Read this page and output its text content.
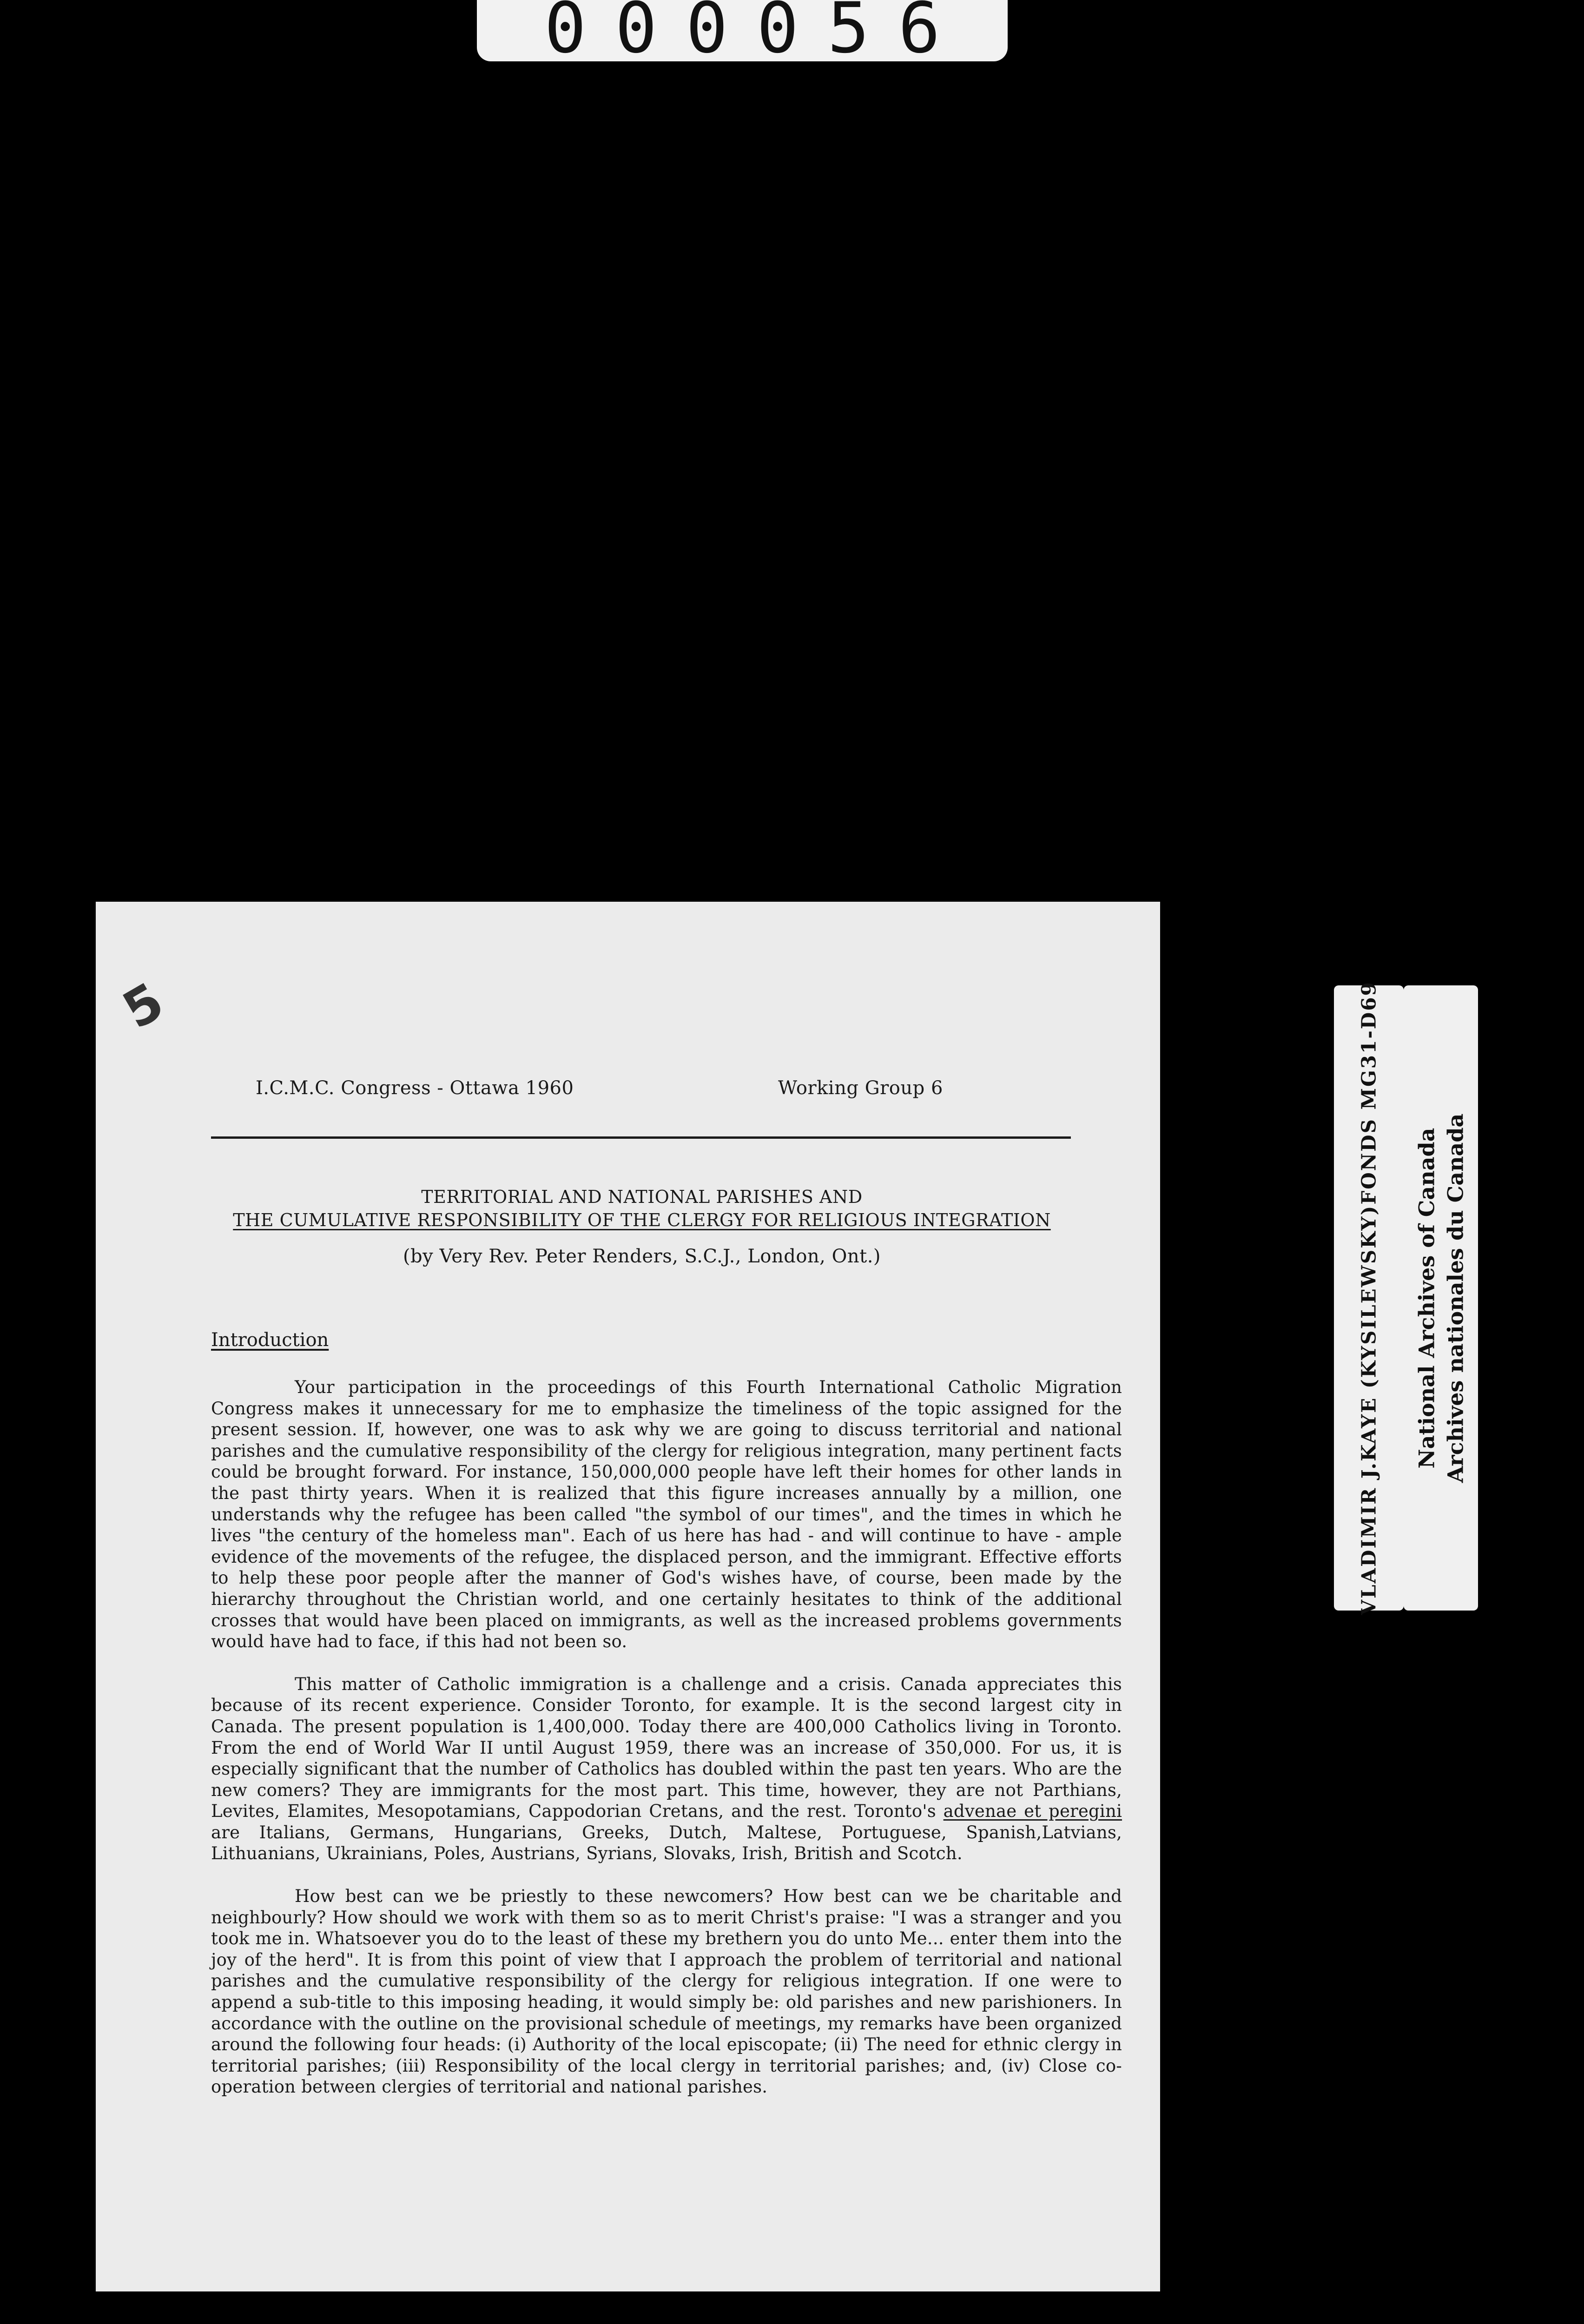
000056
5
I.C.M.C. Congress - Ottawa 1960	Working Group 6
TERRITORIAL AND NATIONAL PARISHES AND
THE CUMULATIVE RESPONSIBILITY OF THE CLERGY FOR RELIGIOUS INTEGRATION
(by Very Rev. Peter Renders, S.C.J., London, Ont.)
Introduction

Your participation in the proceedings of this Fourth International Catholic Migration Congress makes it unnecessary for me to emphasize the timeliness of the topic assigned for the present session. If, however, one was to ask why we are going to discuss territorial and national parishes and the cumulative responsibility of the clergy for religious integration, many pertinent facts could be brought forward. For instance, 150,000,000 people have left their homes for other lands in the past thirty years. When it is realized that this figure increases annually by a million, one understands why the refugee has been called "the symbol of our times", and the times in which he lives "the century of the homeless man". Each of us here has had - and will continue to have - ample evidence of the movements of the refugee, the displaced person, and the immigrant. Effective efforts to help these poor people after the manner of God's wishes have, of course, been made by the hierarchy throughout the Christian world, and one certainly hesitates to think of the additional crosses that would have been placed on immigrants, as well as the increased problems governments would have had to face, if this had not been so.

This matter of Catholic immigration is a challenge and a crisis. Canada appreciates this because of its recent experience. Consider Toronto, for example. It is the second largest city in Canada. The present population is 1,400,000. Today there are 400,000 Catholics living in Toronto. From the end of World War II until August 1959, there was an increase of 350,000. For us, it is especially significant that the number of Catholics has doubled within the past ten years. Who are the new comers? They are immigrants for the most part. This time, however, they are not Parthians, Levites, Elamites, Mesopotamians, Cappodorian Cretans, and the rest. Toronto's advenae et peregini are Italians, Germans, Hungarians, Greeks, Dutch, Maltese, Portuguese, Spanish,Latvians, Lithuanians, Ukrainians, Poles, Austrians, Syrians, Slovaks, Irish, British and Scotch.

How best can we be priestly to these newcomers? How best can we be charitable and neighbourly? How should we work with them so as to merit Christ's praise: "I was a stranger and you took me in. Whatsoever you do to the least of these my brethern you do unto Me... enter them into the joy of the herd". It is from this point of view that I approach the problem of territorial and national parishes and the cumulative responsibility of the clergy for religious integration. If one were to append a sub-title to this imposing heading, it would simply be: old parishes and new parishioners. In accordance with the outline on the provisional schedule of meetings, my remarks have been organized around the following four heads: (i) Authority of the local episcopate; (ii) The need for ethnic clergy in territorial parishes; (iii) Responsibility of the local clergy in territorial parishes; and, (iv) Close co-operation between clergies of territorial and national parishes.

VLADIMIR J.KAYE (KYSILEWSKY)FONDS MG31-D69 National Archives of Canada Archives nationales du Canada
